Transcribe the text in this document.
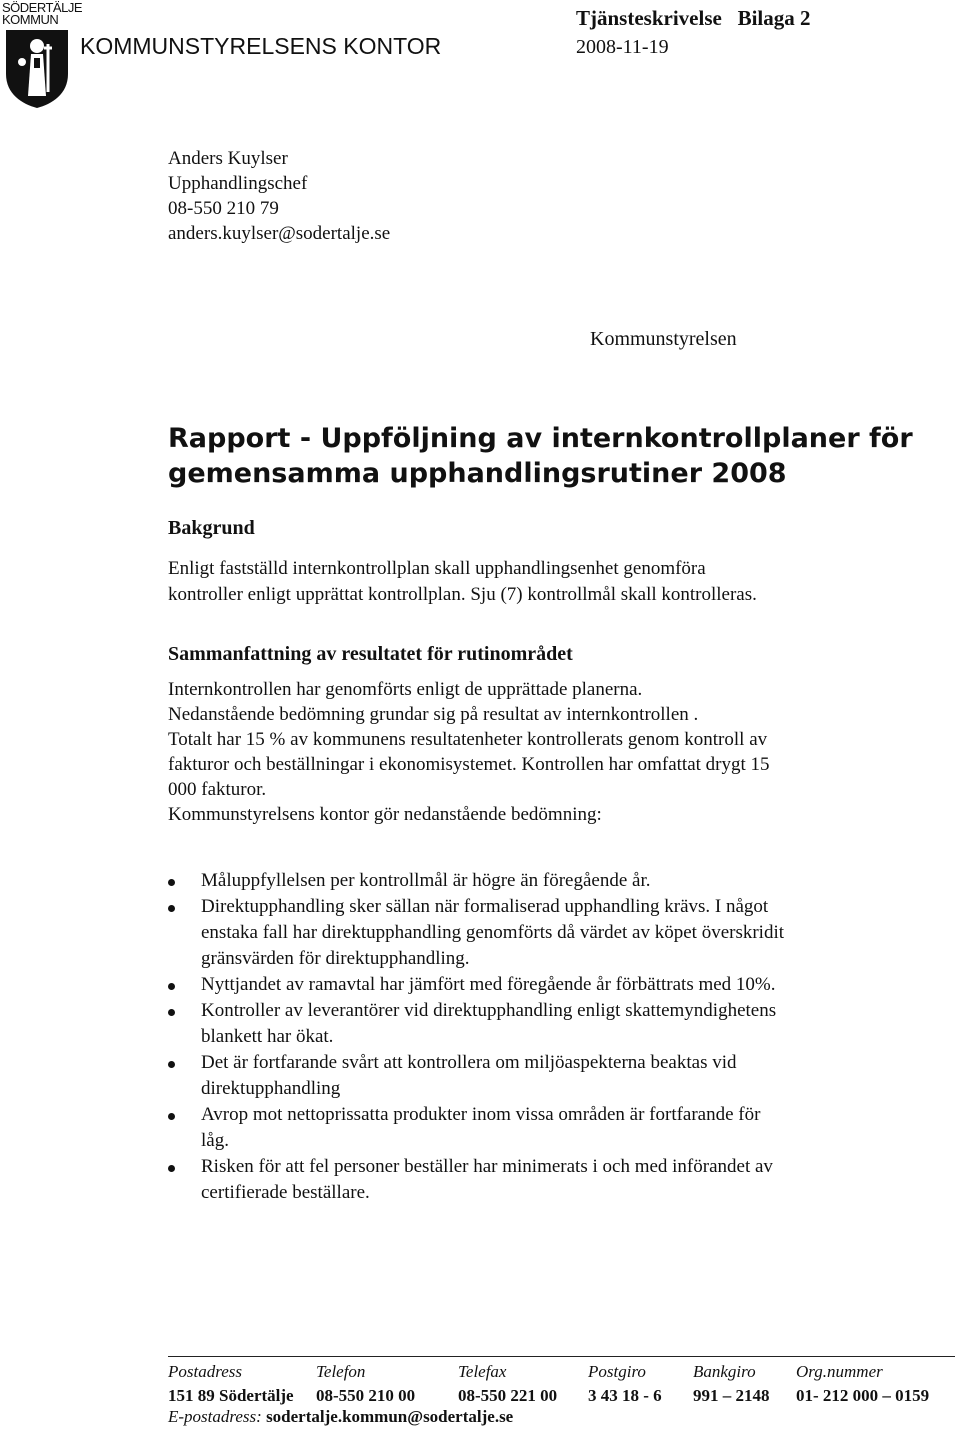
SÖDERTÄLJE
KOMMUN
KOMMUNSTYRELSENS KONTOR
Tjänsteskrivelse   Bilaga 2
2008-11-19
Anders Kuylser
Upphandlingschef
08-550 210 79
anders.kuylser@sodertalje.se
Kommunstyrelsen
Rapport - Uppföljning av internkontrollplaner för
gemensamma upphandlingsrutiner 2008
Bakgrund
Enligt fastställd internkontrollplan skall upphandlingsenhet genomföra
kontroller enligt upprättat kontrollplan. Sju (7) kontrollmål skall kontrolleras.
Sammanfattning av resultatet för rutinområdet
Internkontrollen har genomförts enligt de upprättade planerna.
Nedanstående bedömning grundar sig på resultat av internkontrollen .
Totalt har 15 % av kommunens resultatenheter kontrollerats genom kontroll av
fakturor och beställningar i ekonomisystemet. Kontrollen har omfattat drygt 15
000 fakturor.
Kommunstyrelsens kontor gör nedanstående bedömning:
Måluppfyllelsen per kontrollmål är högre än föregående år.
Direktupphandling sker sällan när formaliserad upphandling krävs. I något
enstaka fall har direktupphandling genomförts då värdet av köpet överskridit
gränsvärden för direktupphandling.
Nyttjandet av ramavtal har jämfört med föregående år förbättrats med 10%.
Kontroller av leverantörer vid direktupphandling enligt skattemyndighetens
blankett har ökat.
Det är fortfarande svårt att kontrollera om miljöaspekterna beaktas vid
direktupphandling
Avrop mot nettoprissatta produkter inom vissa områden är fortfarande för
låg.
Risken för att fel personer beställer har minimerats i och med införandet av
certifierade beställare.
Postadress
151 89 Södertälje
Telefon
08-550 210 00
Telefax
08-550 221 00
Postgiro
3 43 18 - 6
Bankgiro
991 – 2148
Org.nummer
01- 212 000 – 0159
E-postadress: sodertalje.kommun@sodertalje.se
